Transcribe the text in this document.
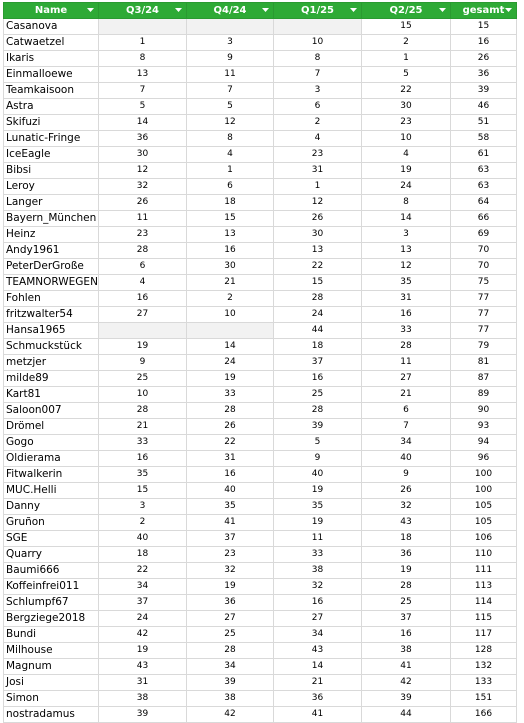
Name	Q3/24	Q4/24	Q1/25	Q2/25	gesamt

Casanova				15	15
Catwaetzel	1	3	10	2	16
Ikaris	8	9	8	1	26
Einmalloewe	13	11	7	5	36
Teamkaisoon	7	7	3	22	39
Astra	5	5	6	30	46
Skifuzi	14	12	2	23	51
Lunatic-Fringe	36	8	4	10	58
IceEagle	30	4	23	4	61
Bibsi	12	1	31	19	63
Leroy	32	6	1	24	63
Langer	26	18	12	8	64
Bayern_München	11	15	26	14	66
Heinz	23	13	30	3	69
Andy1961	28	16	13	13	70
PeterDerGroße	6	30	22	12	70
TEAMNORWEGEN	4	21	15	35	75
Fohlen	16	2	28	31	77
fritzwalter54	27	10	24	16	77
Hansa1965			44	33	77
Schmuckstück	19	14	18	28	79
metzjer	9	24	37	11	81
milde89	25	19	16	27	87
Kart81	10	33	25	21	89
Saloon007	28	28	28	6	90
Drömel	21	26	39	7	93
Gogo	33	22	5	34	94
Oldierama	16	31	9	40	96
Fitwalkerin	35	16	40	9	100
MUC.Helli	15	40	19	26	100
Danny	3	35	35	32	105
Gruñon	2	41	19	43	105
SGE	40	37	11	18	106
Quarry	18	23	33	36	110
Baumi666	22	32	38	19	111
Koffeinfrei011	34	19	32	28	113
Schlumpf67	37	36	16	25	114
Bergziege2018	24	27	27	37	115
Bundi	42	25	34	16	117
Milhouse	19	28	43	38	128
Magnum	43	34	14	41	132
Josi	31	39	21	42	133
Simon	38	38	36	39	151
nostradamus	39	42	41	44	166
